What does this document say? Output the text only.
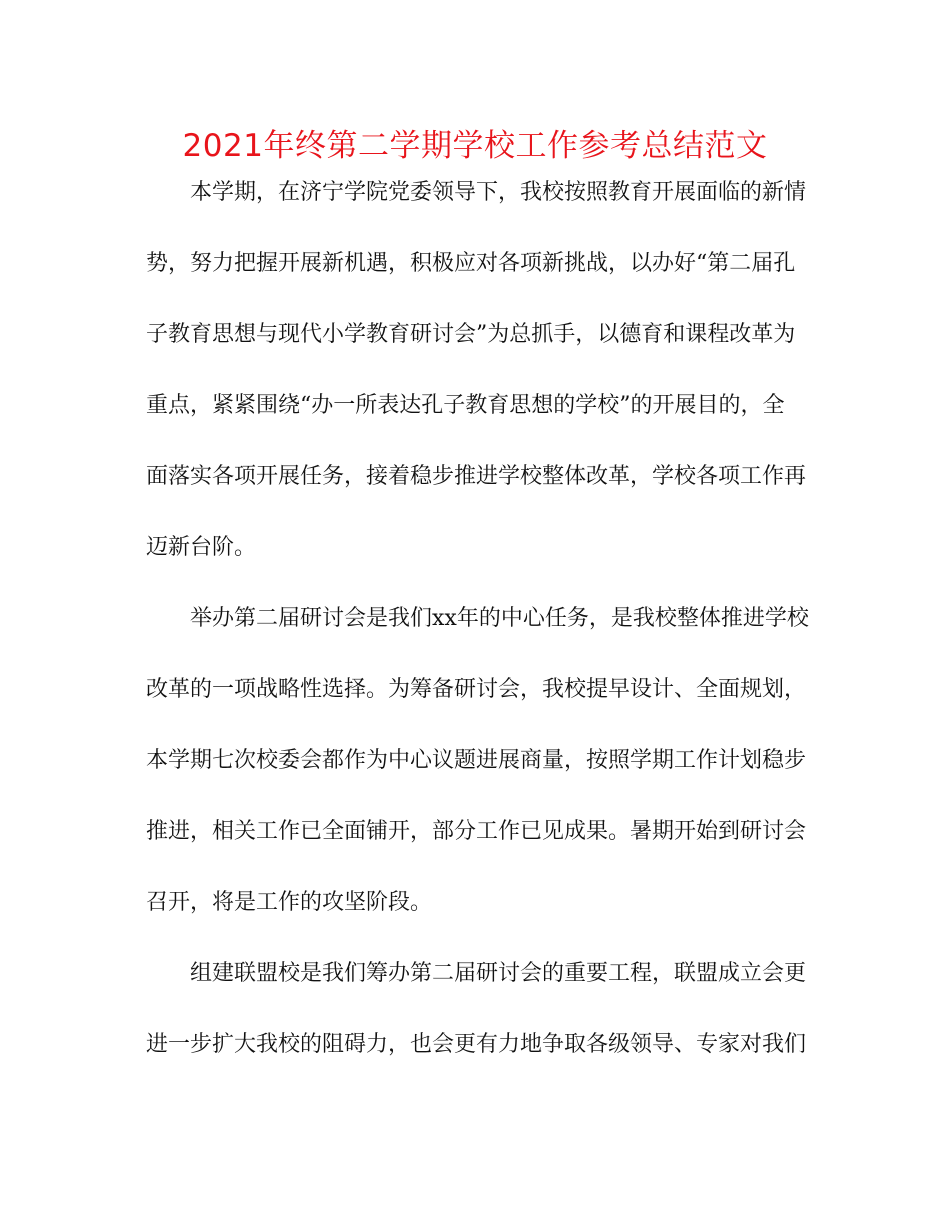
2021年终第二学期学校工作参考总结范文
本学期，在济宁学院党委领导下，我校按照教育开展面临的新情
势，努力把握开展新机遇，积极应对各项新挑战，以办好“第二届孔
子教育思想与现代小学教育研讨会”为总抓手，以德育和课程改革为
重点，紧紧围绕“办一所表达孔子教育思想的学校”的开展目的，全
面落实各项开展任务，接着稳步推进学校整体改革，学校各项工作再
迈新台阶。
举办第二届研讨会是我们xx年的中心任务，是我校整体推进学校
改革的一项战略性选择。为筹备研讨会，我校提早设计、全面规划，
本学期七次校委会都作为中心议题进展商量，按照学期工作计划稳步
推进，相关工作已全面铺开，部分工作已见成果。暑期开始到研讨会
召开，将是工作的攻坚阶段。
组建联盟校是我们筹办第二届研讨会的重要工程，联盟成立会更
进一步扩大我校的阻碍力，也会更有力地争取各级领导、专家对我们
